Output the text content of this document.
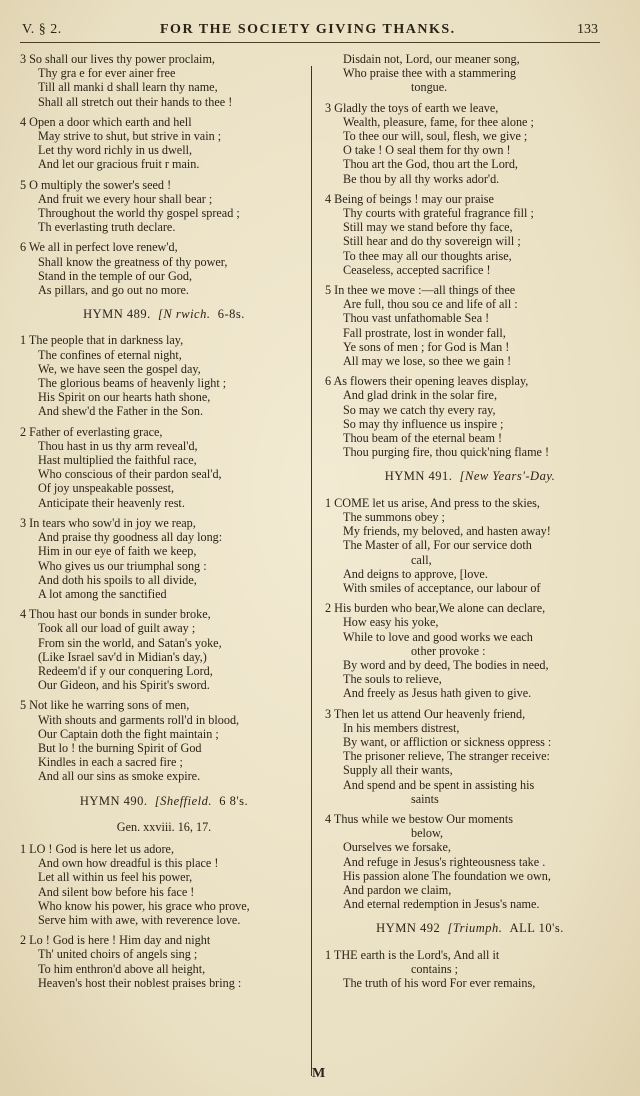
V. § 2.	FOR THE SOCIETY GIVING THANKS.	133
3 So shall our lives thy power proclaim,
Thy gra e for ever ainer free
Till all manki d shall learn thy name,
Shall all stretch out their hands to thee !
4 Open a door which earth and hell
May strive to shut, but strive in vain ;
Let thy word richly in us dwell,
And let our gracious fruit r main.
5 O multiply the sower's seed !
And fruit we every hour shall bear ;
Throughout the world thy gospel spread ;
Th everlasting truth declare.
6 We all in perfect love renew'd,
Shall know the greatness of thy power,
Stand in the temple of our God,
As pillars, and go out no more.
HYMN 489. [N rwich. 6-8s.
1 The people that in darkness lay,
The confines of eternal night,
We, we have seen the gospel day,
The glorious beams of heavenly light ;
His Spirit on our hearts hath shone,
And shew'd the Father in the Son.
2 Father of everlasting grace,
Thou hast in us thy arm reveal'd,
Hast multiplied the faithful race,
Who conscious of their pardon seal'd,
Of joy unspeakable possest,
Anticipate their heavenly rest.
3 In tears who sow'd in joy we reap,
And praise thy goodness all day long:
Him in our eye of faith we keep,
Who gives us our triumphal song :
And doth his spoils to all divide,
A lot among the sanctified
4 Thou hast our bonds in sunder broke,
Took all our load of guilt away ;
From sin the world, and Satan's yoke,
(Like Israel sav'd in Midian's day,)
Redeem'd if y our conquering Lord,
Our Gideon, and his Spirit's sword.
5 Not like he warring sons of men,
With shouts and garments roll'd in blood,
Our Captain doth the fight maintain ;
But lo ! the burning Spirit of God
Kindles in each a sacred fire ;
And all our sins as smoke expire.
HYMN 490. [Sheffield. 6 8's.
Gen. xxviii. 16, 17.
1 LO ! God is here let us adore,
And own how dreadful is this place !
Let all within us feel his power,
And silent bow before his face !
Who know his power, his grace who prove,
Serve him with awe, with reverence love.
2 Lo ! God is here ! Him day and night
Th' united choirs of angels sing ;
To him enthron'd above all height,
Heaven's host their noblest praises bring :
Disdain not, Lord, our meaner song,
Who praise thee with a stammering
tongue.
3 Gladly the toys of earth we leave,
Wealth, pleasure, fame, for thee alone ;
To thee our will, soul, flesh, we give ;
O take ! O seal them for thy own !
Thou art the God, thou art the Lord,
Be thou by all thy works ador'd.
4 Being of beings ! may our praise
Thy courts with grateful fragrance fill ;
Still may we stand before thy face,
Still hear and do thy sovereign will ;
To thee may all our thoughts arise,
Ceaseless, accepted sacrifice !
5 In thee we move :—all things of thee
Are full, thou sou ce and life of all :
Thou vast unfathomable Sea !
Fall prostrate, lost in wonder fall,
Ye sons of men ; for God is Man !
All may we lose, so thee we gain !
6 As flowers their opening leaves display,
And glad drink in the solar fire,
So may we catch thy every ray,
So may thy influence us inspire ;
Thou beam of the eternal beam !
Thou purging fire, thou quick'ning flame !
HYMN 491. [New Years'-Day.
1 COME let us arise, And press to the skies,
The summons obey ;
My friends, my beloved, and hasten away!
The Master of all, For our service doth
call,
And deigns to approve, [love.
With smiles of acceptance, our labour of
2 His burden who bear,We alone can declare,
How easy his yoke,
While to love and good works we each
other provoke :
By word and by deed, The bodies in need,
The souls to relieve,
And freely as Jesus hath given to give.
3 Then let us attend Our heavenly friend,
In his members distrest,
By want, or affliction or sickness oppress :
The prisoner relieve, The stranger receive:
Supply all their wants,
And spend and be spent in assisting his
saints
4 Thus while we bestow Our moments
below,
Ourselves we forsake,
And refuge in Jesus's righteousness take .
His passion alone The foundation we own,
And pardon we claim,
And eternal redemption in Jesus's name.
HYMN 492 [Triumph. ALL 10's.
1 THE earth is the Lord's, And all it
contains ;
The truth of his word For ever remains,
M
